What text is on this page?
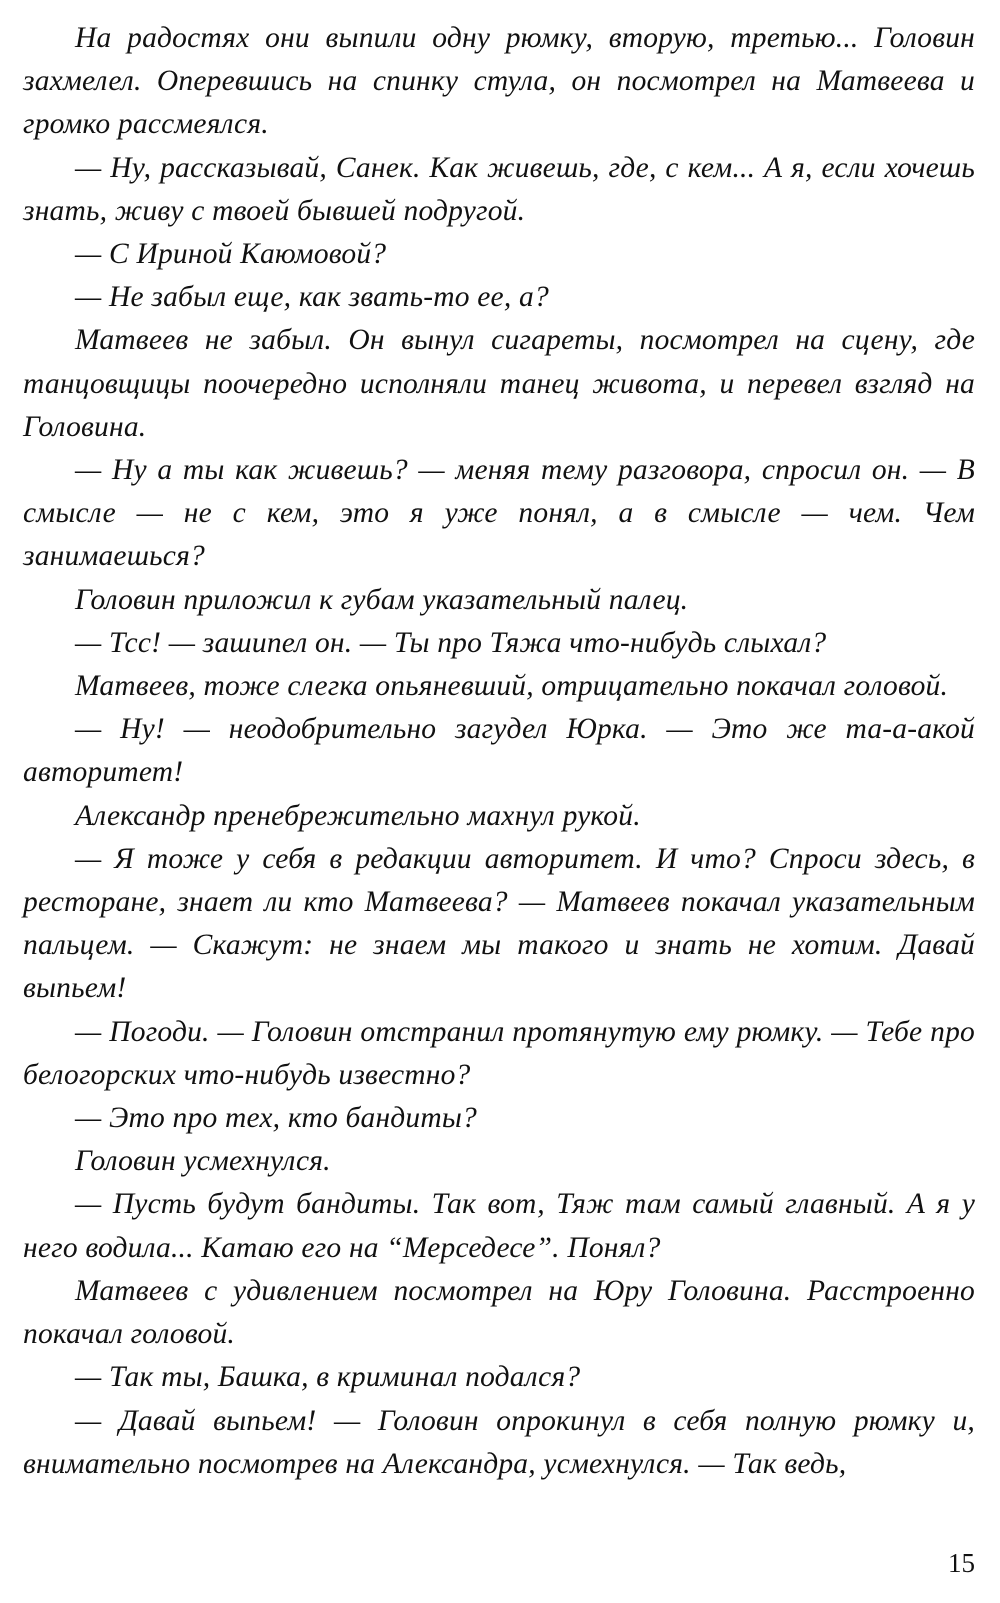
На радостях они выпили одну рюмку, вторую, третью... Головин захмелел. Оперевшись на спинку стула, он посмотрел на Матвеева и громко рассмеялся.

— Ну, рассказывай, Санек. Как живешь, где, с кем... А я, если хочешь знать, живу с твоей бывшей подругой.

— С Ириной Каюмовой?

— Не забыл еще, как звать-то ее, а?

Матвеев не забыл. Он вынул сигареты, посмотрел на сцену, где танцовщицы поочередно исполняли танец живота, и перевел взгляд на Головина.

— Ну а ты как живешь? — меняя тему разговора, спросил он. — В смысле — не с кем, это я уже понял, а в смысле — чем. Чем занимаешься?

Головин приложил к губам указательный палец.

— Тсс! — зашипел он. — Ты про Тяжа что-нибудь слыхал?

Матвеев, тоже слегка опьяневший, отрицательно покачал головой.

— Ну! — неодобрительно загудел Юрка. — Это же та-а-акой авторитет!

Александр пренебрежительно махнул рукой.

— Я тоже у себя в редакции авторитет. И что? Спроси здесь, в ресторане, знает ли кто Матвеева? — Матвеев покачал указательным пальцем. — Скажут: не знаем мы такого и знать не хотим. Давай выпьем!

— Погоди. — Головин отстранил протянутую ему рюмку. — Тебе про белогорских что-нибудь известно?

— Это про тех, кто бандиты?

Головин усмехнулся.

— Пусть будут бандиты. Так вот, Тяж там самый главный. А я у него водила... Катаю его на “Мерседесе”. Понял?

Матвеев с удивлением посмотрел на Юру Головина. Расстроенно покачал головой.

— Так ты, Башка, в криминал подался?

— Давай выпьем! — Головин опрокинул в себя полную рюмку и, внимательно посмотрев на Александра, усмехнулся. — Так ведь,

15
